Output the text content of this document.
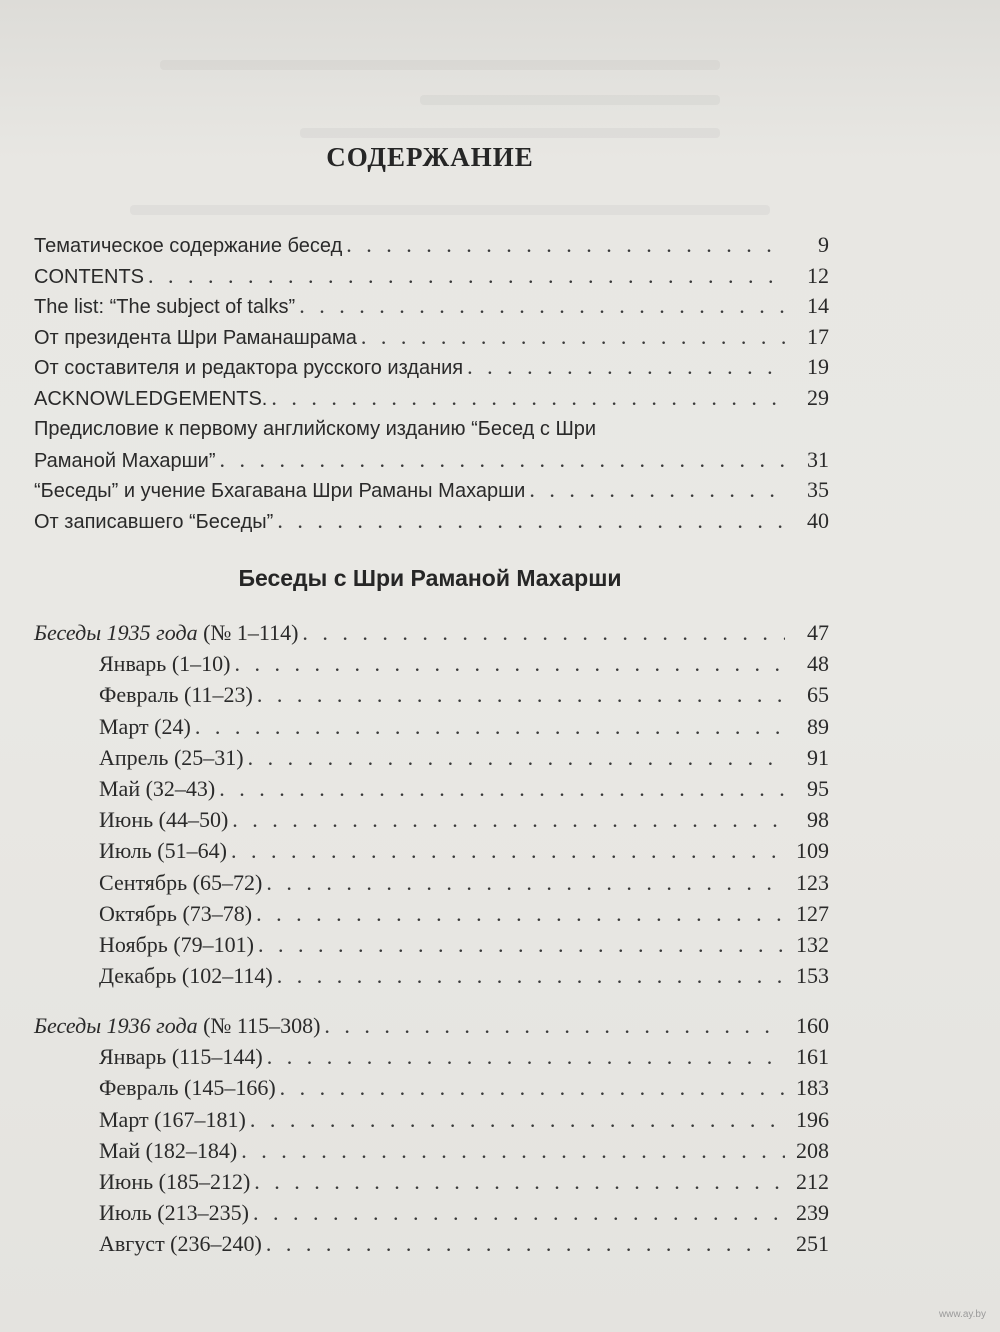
СОДЕРЖАНИЕ
Тематическое содержание бесед . . .	9
CONTENTS . . .	12
The list: “The subject of talks” . . .	14
От президента Шри Раманашрама . . .	17
От составителя и редактора русского издания . . .	19
ACKNOWLEDGEMENTS. . . .	29
Предисловие к первому английскому изданию “Бесед с Шри
Раманой Махарши” . . .	31
“Беседы” и учение Бхагавана Шри Раманы Махарши . . .	35
От записавшего “Беседы” . . .	40
Беседы с Шри Раманой Махарши
Беседы 1935 года (№ 1–114) . . .	47
Январь (1–10) . . .	48
Февраль (11–23) . . .	65
Март (24) . . .	89
Апрель (25–31) . . .	91
Май (32–43) . . .	95
Июнь (44–50) . . .	98
Июль (51–64) . . .	109
Сентябрь (65–72) . . .	123
Октябрь (73–78) . . .	127
Ноябрь (79–101) . . .	132
Декабрь (102–114) . . .	153
Беседы 1936 года (№ 115–308) . . .	160
Январь (115–144) . . .	161
Февраль (145–166) . . .	183
Март (167–181) . . .	196
Май (182–184) . . .	208
Июнь (185–212) . . .	212
Июль (213–235) . . .	239
Август (236–240) . . .	251
www.ay.by
